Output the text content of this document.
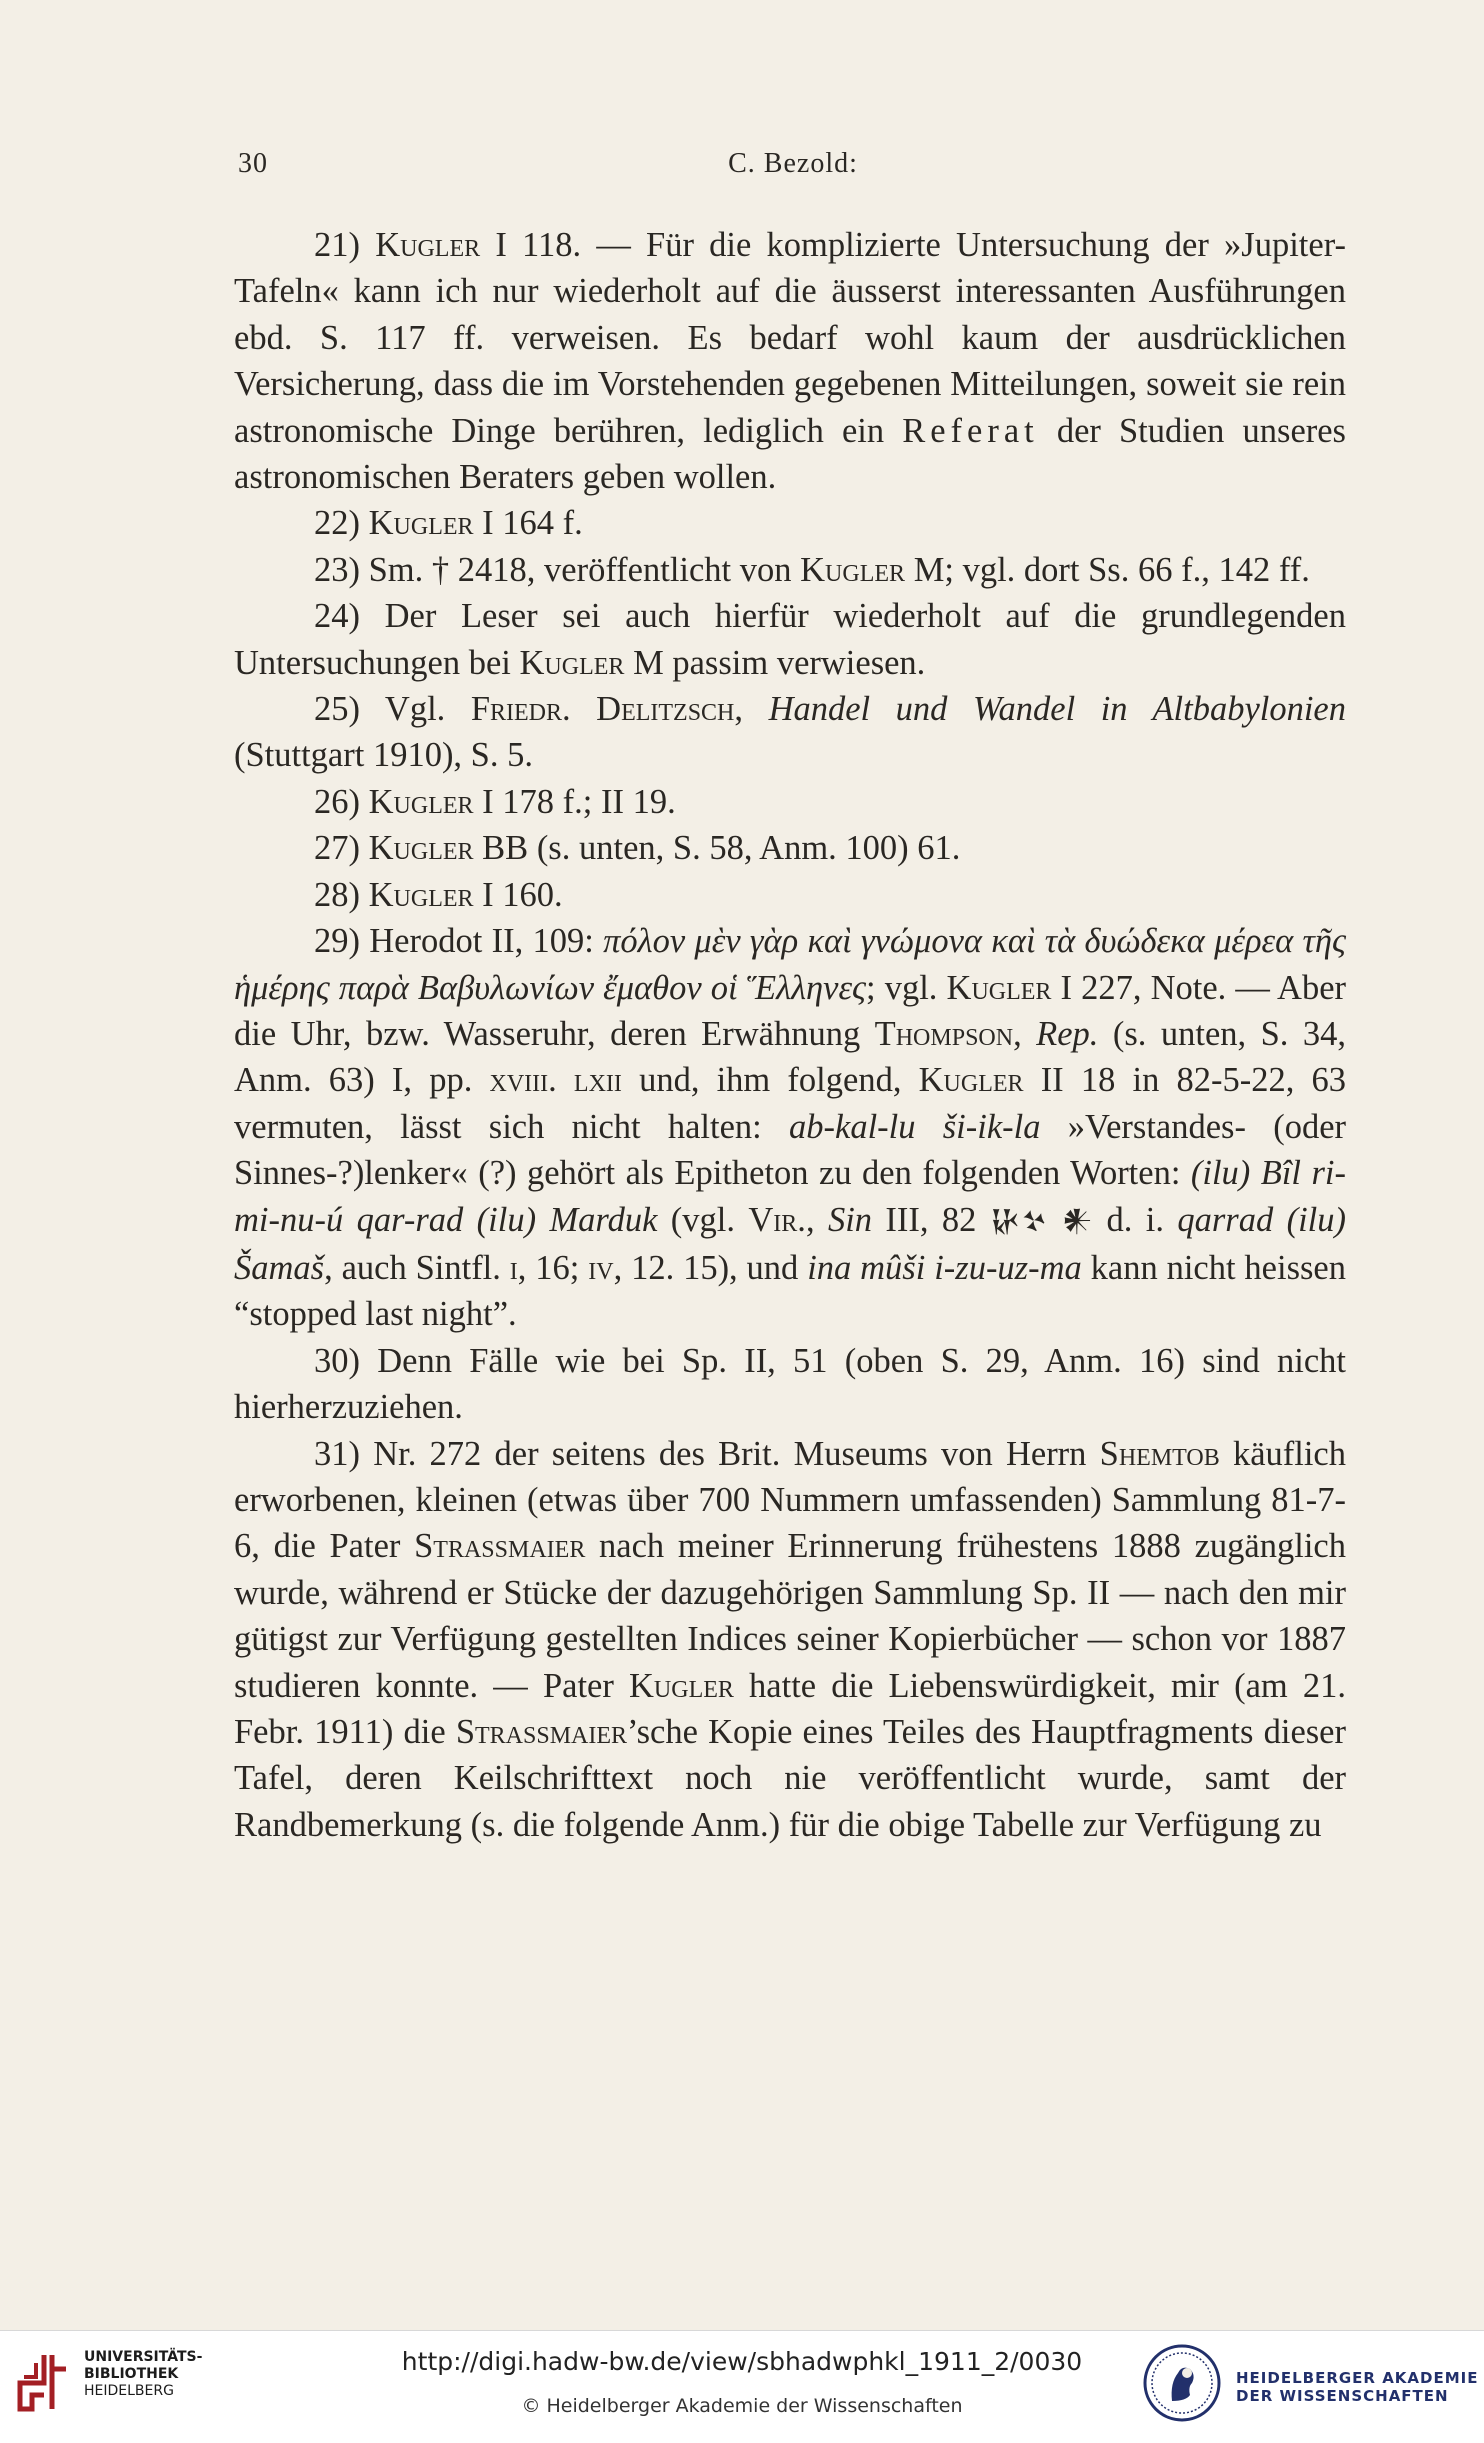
30	C. Bezold:

21) Kugler I 118. — Für die komplizierte Untersuchung der »Jupiter-Tafeln« kann ich nur wiederholt auf die äusserst interessanten Ausführungen ebd. S. 117 ff. verweisen. Es bedarf wohl kaum der ausdrücklichen Versicherung, dass die im Vorstehenden gegebenen Mitteilungen, soweit sie rein astronomische Dinge berühren, lediglich ein Referat der Studien unseres astronomischen Beraters geben wollen.

22) Kugler I 164 f.

23) Sm. † 2418, veröffentlicht von Kugler M; vgl. dort Ss. 66 f., 142 ff.

24) Der Leser sei auch hierfür wiederholt auf die grundlegenden Untersuchungen bei Kugler M passim verwiesen.

25) Vgl. Friedr. Delitzsch, Handel und Wandel in Altbabylonien (Stuttgart 1910), S. 5.

26) Kugler I 178 f.; II 19.

27) Kugler BB (s. unten, S. 58, Anm. 100) 61.

28) Kugler I 160.

29) Herodot II, 109: πόλον μὲν γὰρ καὶ γνώμονα καὶ τὰ δυώδεκα μέρεα τῆς ἡμέρης παρὰ Βαβυλωνίων ἔμαθον οἱ Ἕλληνες; vgl. Kugler I 227, Note. — Aber die Uhr, bzw. Wasseruhr, deren Erwähnung Thompson, Rep. (s. unten, S. 34, Anm. 63) I, pp. xviii. lxii und, ihm folgend, Kugler II 18 in 82-5-22, 63 vermuten, lässt sich nicht halten: ab-kal-lu ši-ik-la »Verstandes- (oder Sinnes-?)lenker« (?) gehört als Epitheton zu den folgenden Worten: (ilu) Bîl ri-mi-nu-ú qar-rad (ilu) Marduk (vgl. Vir., Sin III, 82 𒄩𒆳 𒀭 d. i. qarrad (ilu) Šamaš, auch Sintfl. i, 16; iv, 12. 15), und ina mûši i-zu-uz-ma kann nicht heissen “stopped last night”.

30) Denn Fälle wie bei Sp. II, 51 (oben S. 29, Anm. 16) sind nicht hierherzuziehen.

31) Nr. 272 der seitens des Brit. Museums von Herrn Shemtob käuflich erworbenen, kleinen (etwas über 700 Nummern umfassenden) Sammlung 81-7-6, die Pater Strassmaier nach meiner Erinnerung frühestens 1888 zugänglich wurde, während er Stücke der dazugehörigen Sammlung Sp. II — nach den mir gütigst zur Verfügung gestellten Indices seiner Kopierbücher — schon vor 1887 studieren konnte. — Pater Kugler hatte die Liebenswürdigkeit, mir (am 21. Febr. 1911) die Strassmaier’sche Kopie eines Teiles des Hauptfragments dieser Tafel, deren Keilschrifttext noch nie veröffentlicht wurde, samt der Randbemerkung (s. die folgende Anm.) für die obige Tabelle zur Verfügung zu

UNIVERSITÄTS-
BIBLIOTHEK
HEIDELBERG
http://digi.hadw-bw.de/view/sbhadwphkl_1911_2/0030
© Heidelberger Akademie der Wissenschaften
HEIDELBERGER AKADEMIE
DER WISSENSCHAFTEN
